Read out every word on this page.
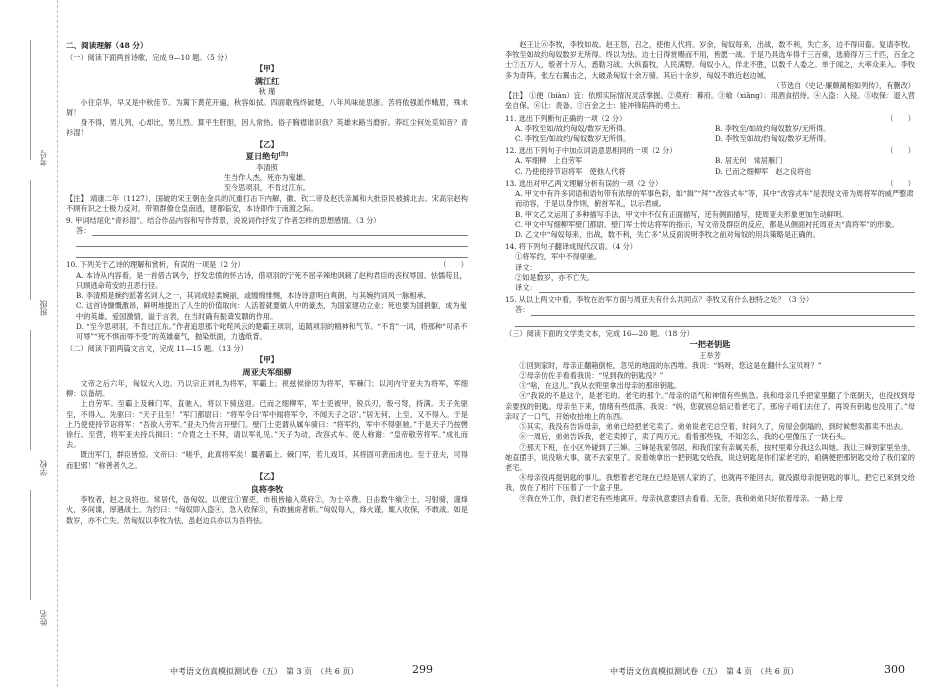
考号
班级
学校
姓名
二、阅读理解（48 分）
（一）阅读下面两首诗歌，完成 9—10 题。（5 分）
【甲】
满江红
秋 瑾

小住京华，早又是中秋佳节。为篱下黄花开遍，秋容如拭。四面歌残终破楚，八年风味徒思浙。苦将侬强派作蛾眉，殊未屑！

身不得，男儿列，心却比，男儿烈。算平生肝胆，因人常热。俗子胸襟谁识我？英雄末路当磨折。莽红尘何处觅知音？青衫湿！

【乙】
夏日绝句[注]
李清照
生当作人杰，死亦为鬼雄。
至今思项羽，不肯过江东。

【注】 靖康二年（1127），国破的宋王朝在金兵的沉重打击下内解，徽、钦二帝及赵氏亲属和大批臣民被掳北去。宋高宗赵构不顾有识之士极力反对，带领群僚仓皇南逃，建都临安，本诗即作于南渡之际。

9. 甲词结尾化“青衫湿”。结合作品内容和写作背景，说说词作抒发了作者怎样的思想感情。（3 分）
答：
10. 下列关于乙诗的理解和赏析，有误的一项是（2 分）	（　　）
A. 本诗从内容看，是一首借古讽今，抒发忠愤的怀古诗，借项羽的宁死不屈辛辣地讽刺了赵构君臣的丧权辱国、怯懦苟且，只顾逃命苟安的丑恶行径。
B. 李清照是婉约派著名词人之一，其词成轻柔婉丽，或缠绵悱恻，本诗诗意明白爽朗，与其婉约词风一脉相承。
C. 这首诗慷慨激昂，鲜明地提出了人生的价值取向：人活着就要做人中的豪杰，为国家建功立业；死也要为国捐躯，成为鬼中的英雄。爱国激情，溢于言表，在当时确有振聋发聩的作用。
D. “至今思项羽，不肯过江东。”作者追思那个叱咤风云的楚霸王项羽，追随项羽的精神和气节。“不肯”一词，将那种“可杀不可辱”“死不惧而辱不受”的英雄豪气，抛染纸面，力透纸背。
（二）阅读下面两篇文言文，完成 11—15 题。（13 分）
【甲】
周亚夫军细柳

文帝之后六年，匈奴大入边。乃以宗正刘礼为将军，军霸上；祝兹侯徐厉为将军，军棘门；以河内守亚夫为将军，军细柳：以备胡。

上自劳军。至霸上及棘门军，直驰入，将以下骑送迎。已而之细柳军，军士吏被甲，锐兵刃，彀弓弩，持满。天子先驱至，不得入。先驱曰：“天子且至！”军门都尉曰：“将军令曰‘军中闻将军令，不闻天子之诏’。”居无何，上至，又不得入。于是上乃使使持节诏将军：“吾欲入劳军。”亚夫乃传言开壁门。壁门士吏谓从属车骑曰：“将军约，军中不得驱驰。”于是天子乃按辔徐行。至营，将军亚夫持兵揖曰：“介胄之士不拜，请以军礼见。”天子为动，改容式车。使人称谢：“皇帝敬劳将军。”成礼而去。

既出军门，群臣皆惊。文帝曰：“嗟乎，此真将军矣！曩者霸上、棘门军，若儿戏耳，其将固可袭而虏也。至于亚夫，可得而犯邪！”称善者久之。

【乙】
良将李牧

李牧者，赵之良将也。常居代，备匈奴。以便宜①置吏，市租皆输入莫府②，为士卒费。日击数牛飨③士，习射骑，谨烽火，多间谍，厚遇战士。为约曰：“匈奴即入盗④，急入收保⑤，有敢捕虏者斩。”匈奴每入，烽火谨，辄入收保，不敢战。如是数岁，亦不亡失。然匈奴以李牧为怯，虽赵边兵亦以为吾将怯。

中考语文仿真模拟测试卷（五）　 第 3 页　（共 6 页）	299

赵王让⑥李牧，李牧如故。赵王怒，召之，使他人代将。岁余，匈奴每来，出战，数不利，失亡多，边不得田畜。复请李牧。李牧至如故约匈奴数岁无所得。终以为怯。边士日得赏赐而不用，皆愿一战。于是乃具选车得千三百乘，选骑得万三千匹，百金之士⑦五万人，彀者十万人，悉勒习战。大纵畜牧，人民满野。匈奴小入，佯北不胜，以数千人委之。单于闻之，大率众来入。李牧多为奇阵，张左右翼击之，大破杀匈奴十余万骑。其后十余岁，匈奴不敢近赵边城。

（节选自《史记·廉颇蔺相如列传》，有删改）

【注】 ①便（biàn）宜：依照实际情况灵活掌握。②莫府：幕府。③飨（xiǎng）：用酒食招待。④入盗：入侵。⑤收保：退入营垒自保。⑥让：责备。⑦百金之士：能冲锋陷阵的勇士。

11. 选出下列断句正确的一项（2 分）	（　　）
A. 李牧至如/故约匈奴/数岁无所得。	B. 李牧至/如故约匈奴数岁/无所得。
C. 李牧至/如故约/匈奴数岁无所得。	D. 李牧至如故/约匈奴/数岁无所得。
12. 选出下列句子中加点词语意思相同的一项（2 分）	（　　）
A. 军细柳　上自劳军	B. 居无何　常居雁门
C. 乃使使持节诏将军　使他人代将	D. 已而之细柳军　赵之良将也
13. 选出对甲乙两文理解分析有误的一项（2 分）	（　　）
A. 甲文中有许多词语和语句带有浓厚的军事色彩，如“揖”“拜”“改容式车”等，其中“改容式车”是表现文帝为周将军的威严整肃而动容，于是以身作则，俯首军礼，以示君威。
B. 甲文乙文运用了多种描写手法，甲文中不仅有正面描写，还有侧面描写，使周亚夫形象更加生动鲜明。
C. 甲文中写细柳军壁门都尉、壁门军士传达将军的指示，写文帝及群臣的反应，都是从侧面衬托周亚夫“真将军”的形象。
D. 乙文中“匈奴每来，出战，数不利，失亡多”从反面说明李牧之前对匈奴的用兵策略是正确的。
14. 将下列句子翻译成现代汉语。（4 分）
①将军约，军中不得驱驰。
译文：
②如是数岁，亦不亡失。
译文：
15. 从以上两文中看，李牧在治军方面与周亚夫有什么共同点？李牧又有什么独特之处？（3 分）
答：
（三）阅读下面的文学类文本，完成 16—20 题。（18 分）
一把老钥匙
王举芳

①回到家时，母亲正翻箱倒柜，忽见的地面的东西堆。我说：“妈呀，您这是在翻什么宝贝呀？”

②母亲仿佐手看看我说：“见到我的钥匙没？”

③“啥，在这儿。”我从衣兜里拿出母亲的那串钥匙。

④“我说的不是这个，是老宅的。老宅的那个。”母亲的语气和神情有些焦急。我和母亲几乎把家里翻了个底朝天，也没找到母亲要找的钥匙。母亲坐下来，情绪有些低落。我说：“妈，您就别总惦记着老宅了，那房子咱们去住了，再说有钥匙也没用了。”母亲叹了一口气，开始收拾地上的东西。

⑤其实，我没有告诉母亲，弟弟已经把老宅卖了。弟弟说老宅总空着，时间久了，房屋会倒塌的，到时候想卖都卖不出去。

⑥一周后，弟弟告诉我，老宅卖掉了，卖了两万元。看着那些钱，不知怎么，我的心里像压了一块石头。

⑦那天下班，在小区外碰到了三婶。三婶是我家邻居，和我们家有亲属关系，按村里辈分我这么叫她。我让三婶到家里坐坐，她直摆手，说没啥大事，就不去家里了。说着她拿出一把钥匙交给我，说这钥匙是你们家老宅的，咱俩便把那钥匙交给了我们家的老宅。

⑧母亲没再提钥匙的事儿。我想着老宅现在已经是别人家的了，也就再不能回去，就没跟母亲提钥匙的事儿，把它已来到交给我，放在了相片下压着了一个盒子里。

⑨我在外工作，我们老宅有些地离开。母亲执意要回去看看。无奈，我和弟弟只好依着母亲。一路上母

中考语文仿真模拟测试卷（五）　 第 4 页　（共 6 页）	300
